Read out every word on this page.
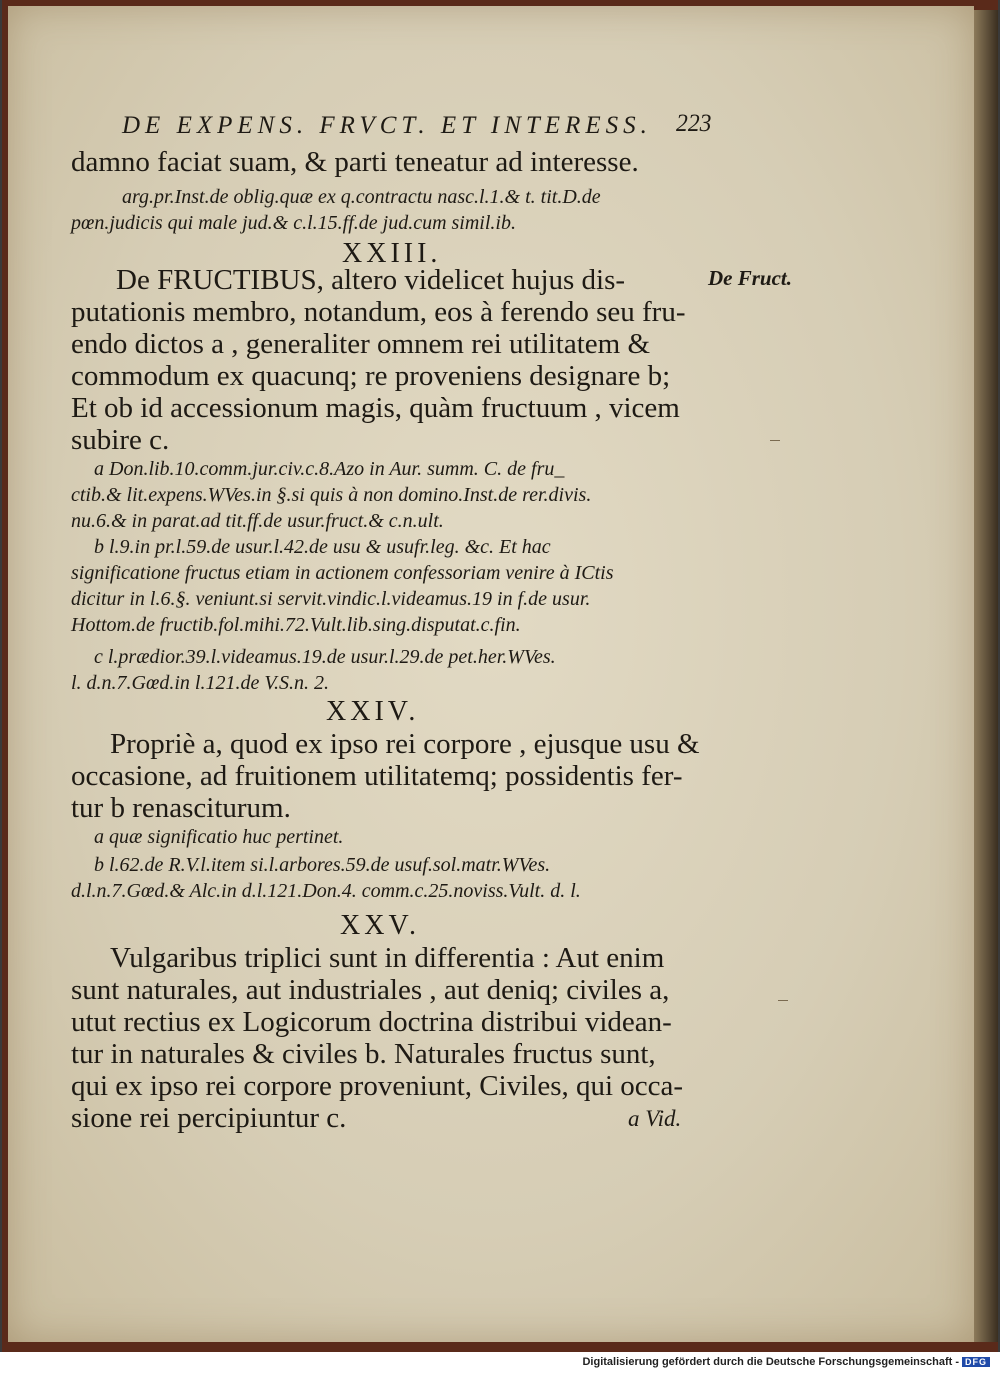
DE EXPENS. FRVCT. ET INTERESS. 223
De Fruct.
damno faciat suam, & parti teneatur ad interesse.
arg.pr.Inst.de oblig.quæ ex q.contractu nasc.l.1.& t. tit.D.de
pœn.judicis qui male jud.& c.l.15.ff.de jud.cum simil.ib.
XXIII.
De FRUCTIBUS, altero videlicet hujus dis-
putationis membro, notandum, eos à ferendo seu fru-
endo dictos a , generaliter omnem rei utilitatem &
commodum ex quacunq; re proveniens designare b;
Et ob id accessionum magis, quàm fructuum , vicem
subire c.
a Don.lib.10.comm.jur.civ.c.8.Azo in Aur. summ. C. de fru_
ctib.& lit.expens.WVes.in §.si quis à non domino.Inst.de rer.divis.
nu.6.& in parat.ad tit.ff.de usur.fruct.& c.n.ult.
b l.9.in pr.l.59.de usur.l.42.de usu & usufr.leg. &c. Et hac
significatione fructus etiam in actionem confessoriam venire à ICtis
dicitur in l.6.§. veniunt.si servit.vindic.l.videamus.19 in f.de usur.
Hottom.de fructib.fol.mihi.72.Vult.lib.sing.disputat.c.fin.
c l.prædior.39.l.videamus.19.de usur.l.29.de pet.her.WVes.
l. d.n.7.Gœd.in l.121.de V.S.n. 2.
XXIV.
Propriè a, quod ex ipso rei corpore , ejusque usu &
occasione, ad fruitionem utilitatemq; possidentis fer-
tur b renasciturum.
a quæ significatio huc pertinet.
b l.62.de R.V.l.item si.l.arbores.59.de usuf.sol.matr.WVes.
d.l.n.7.Gœd.& Alc.in d.l.121.Don.4. comm.c.25.noviss.Vult. d. l.
XXV.
Vulgaribus triplici sunt in differentia : Aut enim
sunt naturales, aut industriales , aut deniq; civiles a,
utut rectius ex Logicorum doctrina distribui videan-
tur in naturales & civiles b. Naturales fructus sunt,
qui ex ipso rei corpore proveniunt, Civiles, qui occa-
sione rei percipiuntur c.	a Vid.
Digitalisierung gefördert durch die Deutsche Forschungsgemeinschaft - DFG
